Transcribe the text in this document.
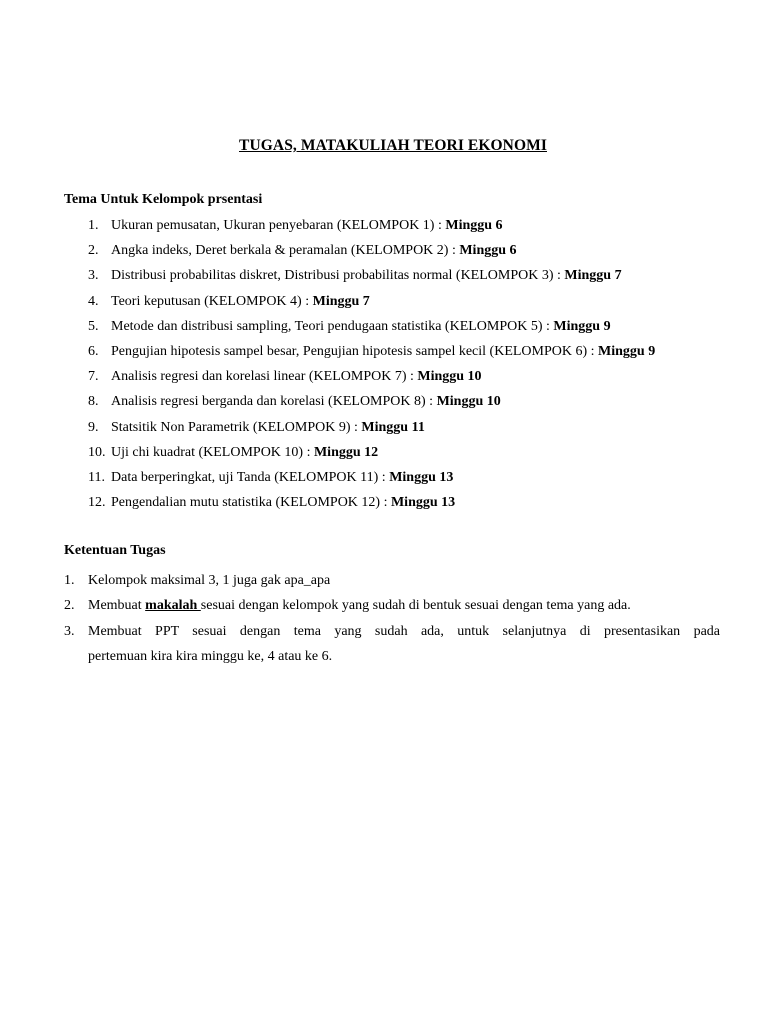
TUGAS, MATAKULIAH TEORI EKONOMI
Tema Untuk Kelompok prsentasi
1. Ukuran pemusatan, Ukuran penyebaran (KELOMPOK 1) : Minggu 6
2. Angka indeks, Deret berkala & peramalan (KELOMPOK 2) : Minggu 6
3. Distribusi probabilitas diskret, Distribusi probabilitas normal (KELOMPOK 3) : Minggu 7
4. Teori keputusan (KELOMPOK 4) : Minggu 7
5. Metode dan distribusi sampling, Teori pendugaan statistika (KELOMPOK 5) : Minggu 9
6. Pengujian hipotesis sampel besar, Pengujian hipotesis sampel kecil (KELOMPOK 6) : Minggu 9
7. Analisis regresi dan korelasi linear (KELOMPOK 7) : Minggu 10
8. Analisis regresi berganda dan korelasi (KELOMPOK 8) : Minggu 10
9. Statsitik Non Parametrik (KELOMPOK 9) : Minggu 11
10. Uji chi kuadrat (KELOMPOK 10) : Minggu 12
11. Data berperingkat, uji Tanda (KELOMPOK 11) : Minggu 13
12. Pengendalian mutu statistika (KELOMPOK 12) : Minggu 13
Ketentuan Tugas
1. Kelompok maksimal 3, 1 juga gak apa_apa
2. Membuat makalah sesuai dengan kelompok yang sudah di bentuk sesuai dengan tema yang ada.
3. Membuat PPT sesuai dengan tema yang sudah ada, untuk selanjutnya di presentasikan pada
pertemuan kira kira minggu ke, 4 atau ke 6.
